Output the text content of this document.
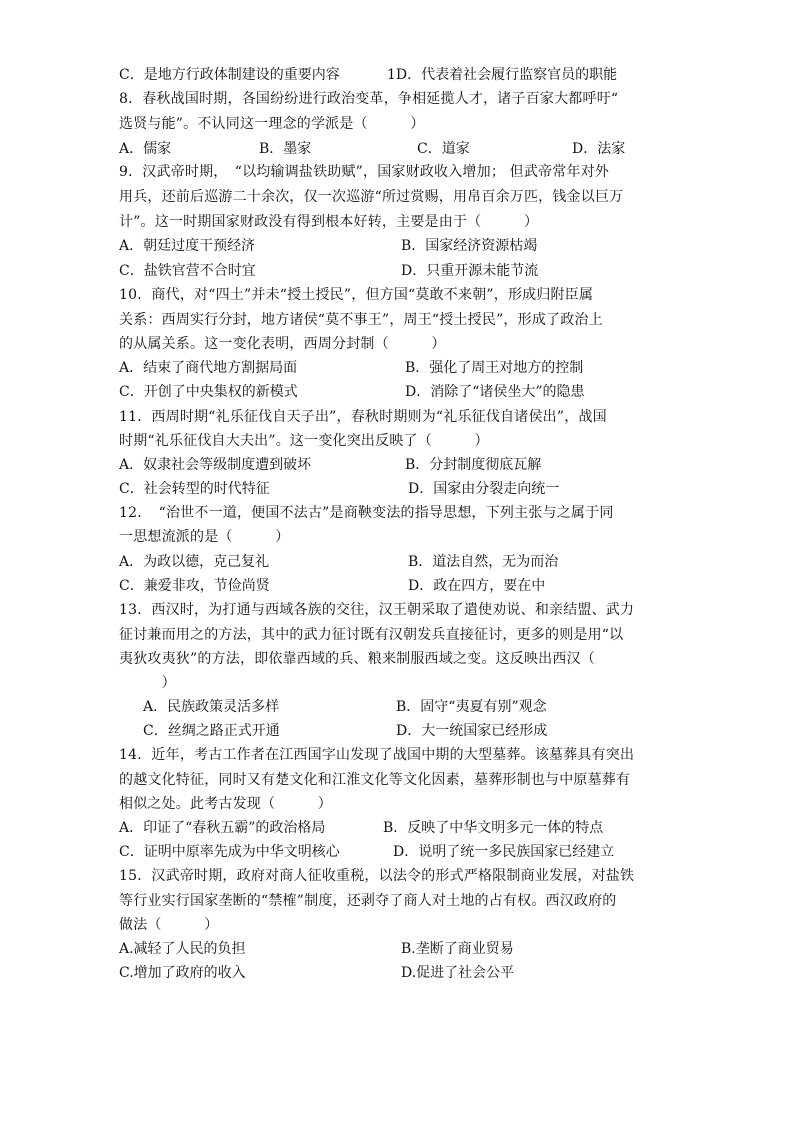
C．是地方行政体制建设的重要内容	1D．代表着社会履行监察官员的职能
8．春秋战国时期，各国纷纷进行政治变革，争相延揽人才，诸子百家大都呼吁“
选贤与能”。不认同这一理念的学派是（　　　）
A．儒家	B．墨家	C．道家	D．法家
9．汉武帝时期，　“以均输调盐铁助赋”，国家财政收入增加； 但武帝常年对外
用兵，还前后巡游二十余次，仅一次巡游“所过赏赐，用帛百余万匹，钱金以巨万
计”。这一时期国家财政没有得到根本好转，主要是由于（　　　）
A．朝廷过度干预经济	B．国家经济资源枯竭
C．盐铁官营不合时宜	D．只重开源未能节流
10．商代，对“四土”并未“授土授民”，但方国“莫敢不来朝”，形成归附臣属
关系：西周实行分封，地方诸侯“莫不事王”，周王“授土授民”，形成了政治上
的从属关系。这一变化表明，西周分封制（　　　）
A．结束了商代地方割据局面	B．强化了周王对地方的控制
C．开创了中央集权的新模式	D．消除了“诸侯坐大”的隐患
11．西周时期“礼乐征伐自天子出”，春秋时期则为“礼乐征伐自诸侯出”，战国
时期“礼乐征伐自大夫出”。这一变化突出反映了（　　　）
A．奴隶社会等级制度遭到破坏	B．分封制度彻底瓦解
C．社会转型的时代特征	D．国家由分裂走向统一
12．　“治世不一道，便国不法古”是商鞅变法的指导思想，下列主张与之属于同
一思想流派的是（　　　）
A．为政以德，克己复礼	B．道法自然，无为而治
C．兼爱非攻，节俭尚贤	D．政在四方，要在中
13．西汉时，为打通与西域各族的交往，汉王朝采取了遣使劝说、和亲结盟、武力
征讨兼而用之的方法，其中的武力征讨既有汉朝发兵直接征讨，更多的则是用“以
夷狄攻夷狄”的方法，即依靠西域的兵、粮来制服西域之变。这反映出西汉（
　　　）
A．民族政策灵活多样	B．固守“夷夏有别”观念
C．丝绸之路正式开通	D．大一统国家已经形成
14．近年，考古工作者在江西国字山发现了战国中期的大型墓葬。该墓葬具有突出
的越文化特征，同时又有楚文化和江淮文化等文化因素，墓葬形制也与中原墓葬有
相似之处。此考古发现（　　　）
A．印证了“春秋五霸”的政治格局	B．反映了中华文明多元一体的特点
C．证明中原率先成为中华文明核心	D．说明了统一多民族国家已经建立
15．汉武帝时期，政府对商人征收重税，以法令的形式严格限制商业发展，对盐铁
等行业实行国家垄断的“禁榷”制度，还剥夺了商人对土地的占有权。西汉政府的
做法（　　　）
A.减轻了人民的负担	B.垄断了商业贸易
C.增加了政府的收入	D.促进了社会公平
